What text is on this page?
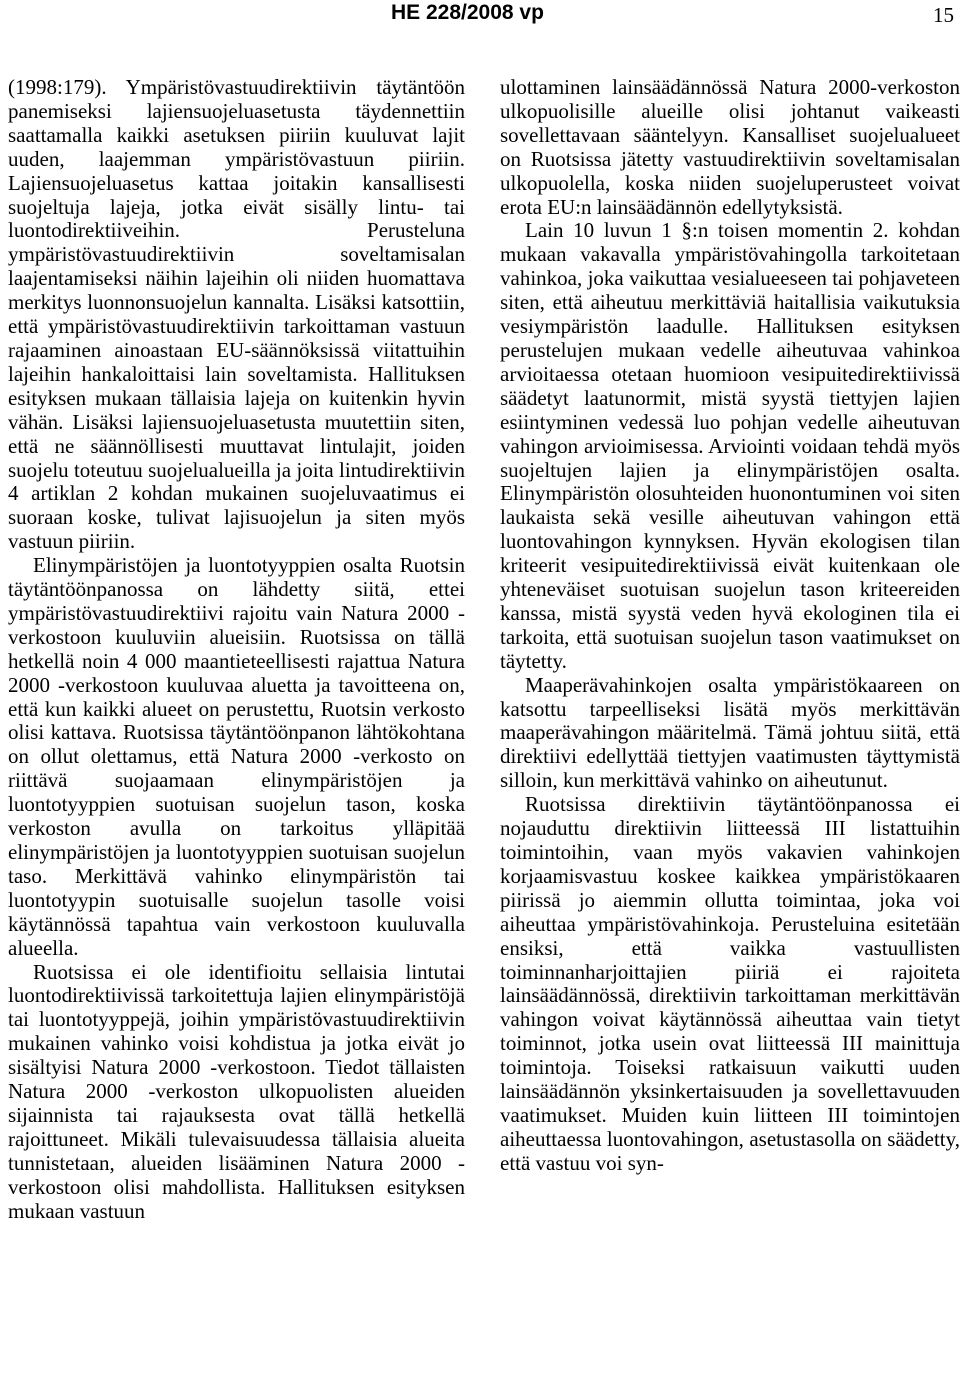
HE 228/2008 vp	15

(1998:179). Ympäristövastuudirektiivin täytäntöön panemiseksi lajiensuojeluasetusta täydennettiin saattamalla kaikki asetuksen piiriin kuuluvat lajit uuden, laajemman ympäristövastuun piiriin. Lajiensuojeluasetus kattaa joitakin kansallisesti suojeltuja lajeja, jotka eivät sisälly lintu- tai luontodirektiiveihin. Perusteluna ympäristövastuudirektiivin soveltamisalan laajentamiseksi näihin lajeihin oli niiden huomattava merkitys luonnonsuojelun kannalta. Lisäksi katsottiin, että ympäristövastuudirektiivin tarkoittaman vastuun rajaaminen ainoastaan EU-säännöksissä viitattuihin lajeihin hankaloittaisi lain soveltamista. Hallituksen esityksen mukaan tällaisia lajeja on kuitenkin hyvin vähän. Lisäksi lajiensuojeluasetusta muutettiin siten, että ne säännöllisesti muuttavat lintulajit, joiden suojelu toteutuu suojelualueilla ja joita lintudirektiivin 4 artiklan 2 kohdan mukainen suojeluvaatimus ei suoraan koske, tulivat lajisuojelun ja siten myös vastuun piiriin.

Elinympäristöjen ja luontotyyppien osalta Ruotsin täytäntöönpanossa on lähdetty siitä, ettei ympäristövastuudirektiivi rajoitu vain Natura 2000 -verkostoon kuuluviin alueisiin. Ruotsissa on tällä hetkellä noin 4 000 maantieteellisesti rajattua Natura 2000 -verkostoon kuuluvaa aluetta ja tavoitteena on, että kun kaikki alueet on perustettu, Ruotsin verkosto olisi kattava. Ruotsissa täytäntöönpanon lähtökohtana on ollut olettamus, että Natura 2000 -verkosto on riittävä suojaamaan elinympäristöjen ja luontotyyppien suotuisan suojelun tason, koska verkoston avulla on tarkoitus ylläpitää elinympäristöjen ja luontotyyppien suotuisan suojelun taso. Merkittävä vahinko elinympäristön tai luontotyypin suotuisalle suojelun tasolle voisi käytännössä tapahtua vain verkostoon kuuluvalla alueella.

Ruotsissa ei ole identifioitu sellaisia lintutai luontodirektiivissä tarkoitettuja lajien elinympäristöjä tai luontotyyppejä, joihin ympäristövastuudirektiivin mukainen vahinko voisi kohdistua ja jotka eivät jo sisältyisi Natura 2000 -verkostoon. Tiedot tällaisten Natura 2000 -verkoston ulkopuolisten alueiden sijainnista tai rajauksesta ovat tällä hetkellä rajoittuneet. Mikäli tulevaisuudessa tällaisia alueita tunnistetaan, alueiden lisääminen Natura 2000 -verkostoon olisi mahdollista. Hallituksen esityksen mukaan vastuun

ulottaminen lainsäädännössä Natura 2000-verkoston ulkopuolisille alueille olisi johtanut vaikeasti sovellettavaan sääntelyyn. Kansalliset suojelualueet on Ruotsissa jätetty vastuudirektiivin soveltamisalan ulkopuolella, koska niiden suojeluperusteet voivat erota EU:n lainsäädännön edellytyksistä.

Lain 10 luvun 1 §:n toisen momentin 2. kohdan mukaan vakavalla ympäristövahingolla tarkoitetaan vahinkoa, joka vaikuttaa vesialueeseen tai pohjaveteen siten, että aiheutuu merkittäviä haitallisia vaikutuksia vesiympäristön laadulle. Hallituksen esityksen perustelujen mukaan vedelle aiheutuvaa vahinkoa arvioitaessa otetaan huomioon vesipuitedirektiivissä säädetyt laatunormit, mistä syystä tiettyjen lajien esiintyminen vedessä luo pohjan vedelle aiheutuvan vahingon arvioimisessa. Arviointi voidaan tehdä myös suojeltujen lajien ja elinympäristöjen osalta. Elinympäristön olosuhteiden huonontuminen voi siten laukaista sekä vesille aiheutuvan vahingon että luontovahingon kynnyksen. Hyvän ekologisen tilan kriteerit vesipuitedirektiivissä eivät kuitenkaan ole yhteneväiset suotuisan suojelun tason kriteereiden kanssa, mistä syystä veden hyvä ekologinen tila ei tarkoita, että suotuisan suojelun tason vaatimukset on täytetty.

Maaperävahinkojen osalta ympäristökaareen on katsottu tarpeelliseksi lisätä myös merkittävän maaperävahingon määritelmä. Tämä johtuu siitä, että direktiivi edellyttää tiettyjen vaatimusten täyttymistä silloin, kun merkittävä vahinko on aiheutunut.

Ruotsissa direktiivin täytäntöönpanossa ei nojauduttu direktiivin liitteessä III listattuihin toimintoihin, vaan myös vakavien vahinkojen korjaamisvastuu koskee kaikkea ympäristökaaren piirissä jo aiemmin ollutta toimintaa, joka voi aiheuttaa ympäristövahinkoja. Perusteluina esitetään ensiksi, että vaikka vastuullisten toiminnanharjoittajien piiriä ei rajoiteta lainsäädännössä, direktiivin tarkoittaman merkittävän vahingon voivat käytännössä aiheuttaa vain tietyt toiminnot, jotka usein ovat liitteessä III mainittuja toimintoja. Toiseksi ratkaisuun vaikutti uuden lainsäädännön yksinkertaisuuden ja sovellettavuuden vaatimukset. Muiden kuin liitteen III toimintojen aiheuttaessa luontovahingon, asetustasolla on säädetty, että vastuu voi syn-
